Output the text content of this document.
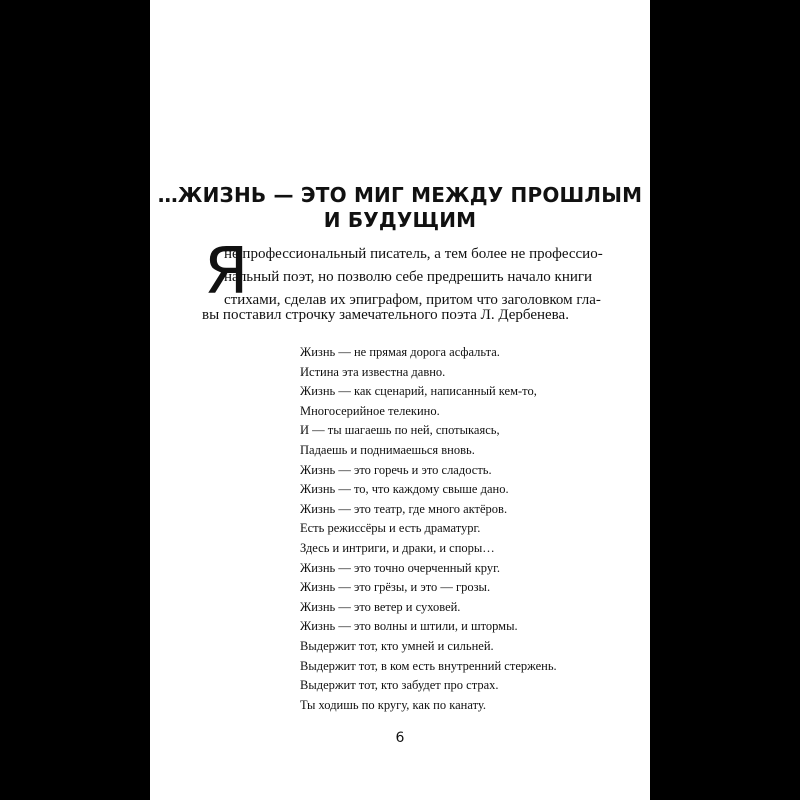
…ЖИЗНЬ — ЭТО МИГ МЕЖДУ ПРОШЛЫМ
И БУДУЩИМ
Я

не профессиональный писатель, а тем более не профессио-

нальный поэт, но позволю себе предрешить начало книги

стихами, сделав их эпиграфом, притом что заголовком гла-

вы поставил строчку замечательного поэта Л. Дербенева.

Жизнь — не прямая дорога асфальта.
Истина эта известна давно.
Жизнь — как сценарий, написанный кем-то,
Многосерийное телекино.
И — ты шагаешь по ней, спотыкаясь,
Падаешь и поднимаешься вновь.
Жизнь — это горечь и это сладость.
Жизнь — то, что каждому свыше дано.
Жизнь — это театр, где много актёров.
Есть режиссёры и есть драматург.
Здесь и интриги, и драки, и споры…
Жизнь — это точно очерченный круг.
Жизнь — это грёзы, и это — грозы.
Жизнь — это ветер и суховей.
Жизнь — это волны и штили, и штормы.
Выдержит тот, кто умней и сильней.
Выдержит тот, в ком есть внутренний стержень.
Выдержит тот, кто забудет про страх.
Ты ходишь по кругу, как по канату.
6
